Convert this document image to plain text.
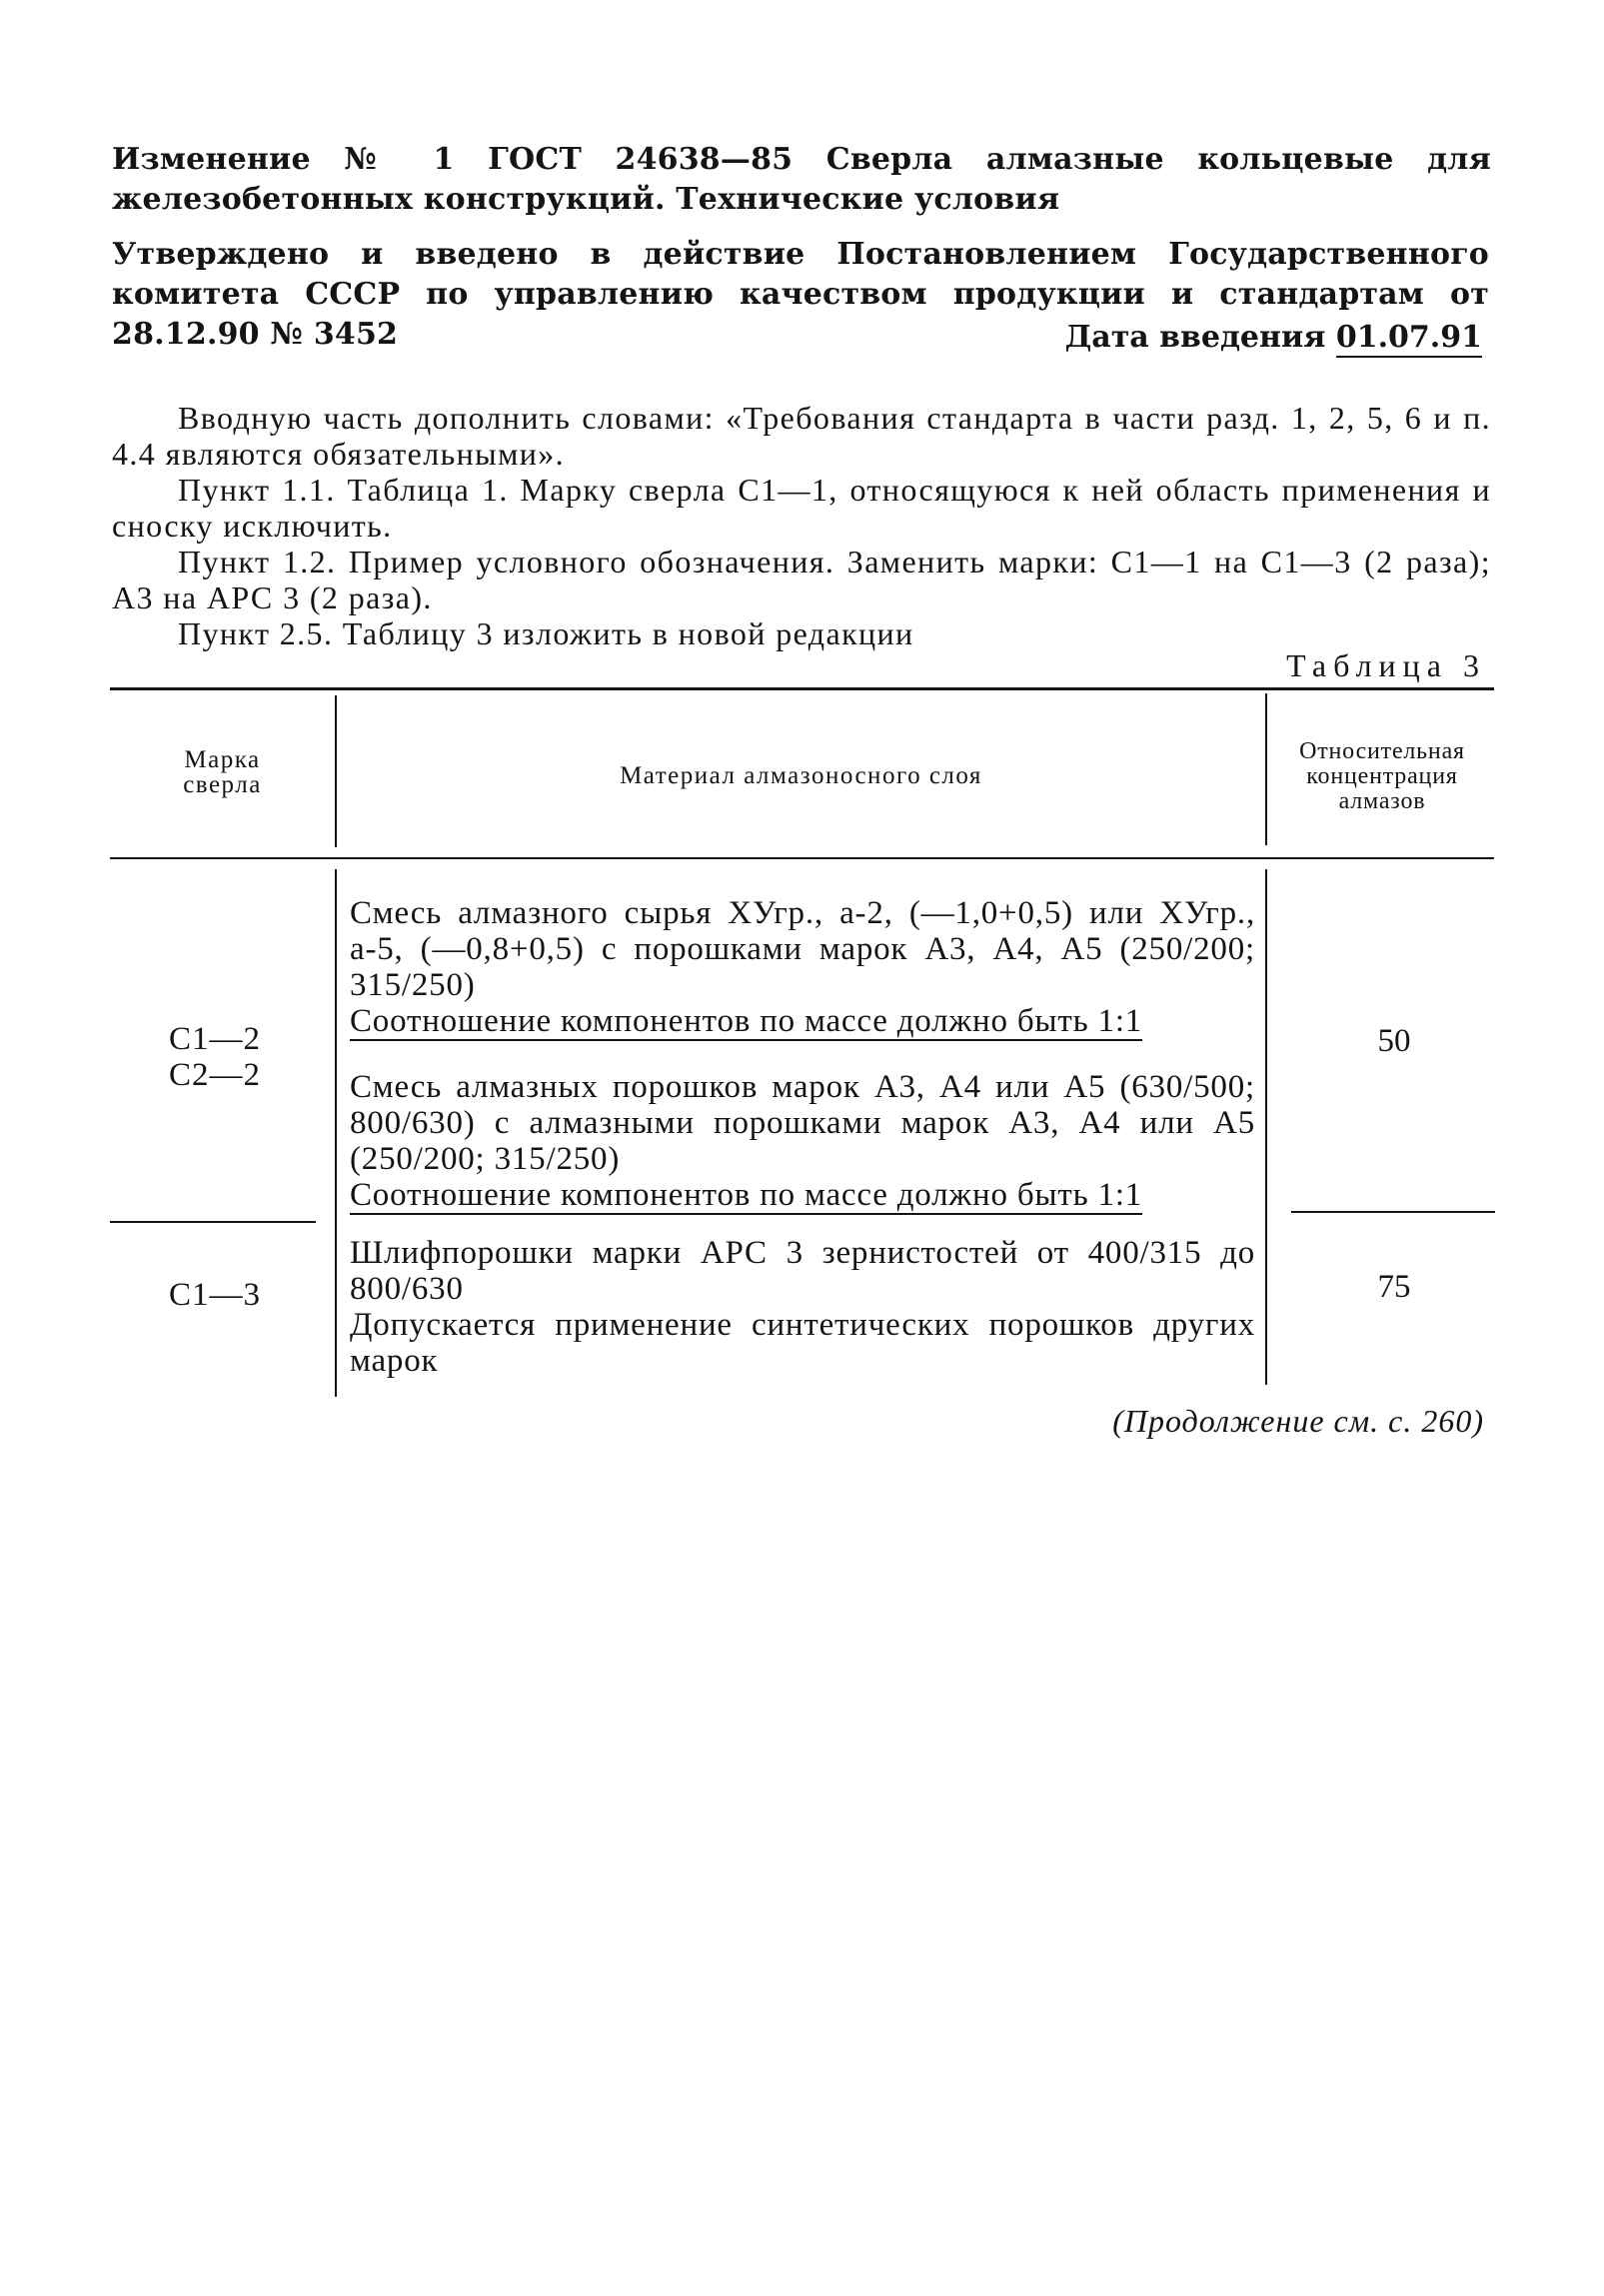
Изменение № 1 ГОСТ 24638—85 Сверла алмазные кольцевые для железобетонных конструкций. Технические условия

Утверждено и введено в действие Постановлением Государственного комитета СССР по управлению качеством продукции и стандартам от 28.12.90 № 3452	Дата введения 01.07.91

Вводную часть дополнить словами: «Требования стандарта в части разд. 1, 2, 5, 6 и п. 4.4 являются обязательными».

Пункт 1.1. Таблица 1. Марку сверла С1—1, относящуюся к ней область применения и сноску исключить.

Пункт 1.2. Пример условного обозначения. Заменить марки: С1—1 на С1—3 (2 раза); А3 на АРС 3 (2 раза).

Пункт 2.5. Таблицу 3 изложить в новой редакции

Таблица 3
Марка
сверла	Материал алмазоносного слоя
Относительная
концентрация
алмазов
С1—2
С2—2

Смесь алмазного сырья ХУгр., а-2, (—1,0+0,5) или ХУгр., а-5, (—0,8+0,5) с порошками марок А3, А4, А5 (250/200; 315/250)

Соотношение компонентов по массе должно быть 1:1

Смесь алмазных порошков марок А3, А4 или А5 (630/500; 800/630) с алмазными порошками марок А3, А4 или А5 (250/200; 315/250)

Соотношение компонентов по массе должно быть 1:1

50
С1—3

Шлифпорошки марки АРС 3 зернистостей от 400/315 до 800/630

Допускается применение синтетических порошков других марок

75
(Продолжение см. с. 260)
